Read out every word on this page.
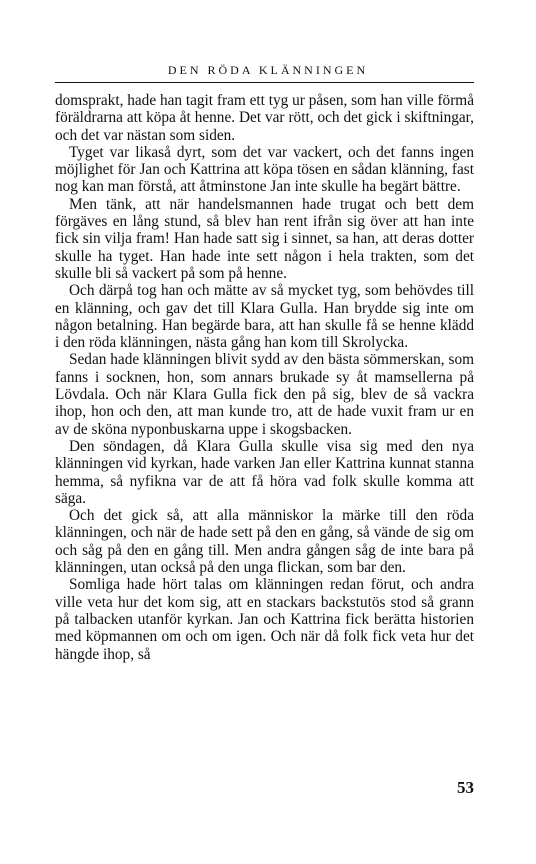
DEN RÖDA KLÄNNINGEN

domsprakt, hade han tagit fram ett tyg ur påsen, som han ville förmå föräldrarna att köpa åt henne. Det var rött, och det gick i skiftningar, och det var nästan som siden.

Tyget var likaså dyrt, som det var vackert, och det fanns ingen möjlighet för Jan och Kattrina att köpa tösen en sådan klänning, fast nog kan man förstå, att åtminstone Jan inte skulle ha begärt bättre.

Men tänk, att när handelsmannen hade trugat och bett dem förgäves en lång stund, så blev han rent ifrån sig över att han inte fick sin vilja fram! Han hade satt sig i sinnet, sa han, att deras dotter skulle ha tyget. Han hade inte sett någon i hela trakten, som det skulle bli så vackert på som på henne.

Och därpå tog han och mätte av så mycket tyg, som behövdes till en klänning, och gav det till Klara Gulla. Han brydde sig inte om någon betalning. Han begärde bara, att han skulle få se henne klädd i den röda klänningen, nästa gång han kom till Skrolycka.

Sedan hade klänningen blivit sydd av den bästa sömmerskan, som fanns i socknen, hon, som annars brukade sy åt mamsellerna på Lövdala. Och när Klara Gulla fick den på sig, blev de så vackra ihop, hon och den, att man kunde tro, att de hade vuxit fram ur en av de sköna nyponbuskarna uppe i skogsbacken.

Den söndagen, då Klara Gulla skulle visa sig med den nya klänningen vid kyrkan, hade varken Jan eller Kattrina kunnat stanna hemma, så nyfikna var de att få höra vad folk skulle komma att säga.

Och det gick så, att alla människor la märke till den röda klänningen, och när de hade sett på den en gång, så vände de sig om och såg på den en gång till. Men andra gången såg de inte bara på klänningen, utan också på den unga flickan, som bar den.

Somliga hade hört talas om klänningen redan förut, och andra ville veta hur det kom sig, att en stackars backstutös stod så grann på talbacken utanför kyrkan. Jan och Kattrina fick berätta historien med köpmannen om och om igen. Och när då folk fick veta hur det hängde ihop, så

53
